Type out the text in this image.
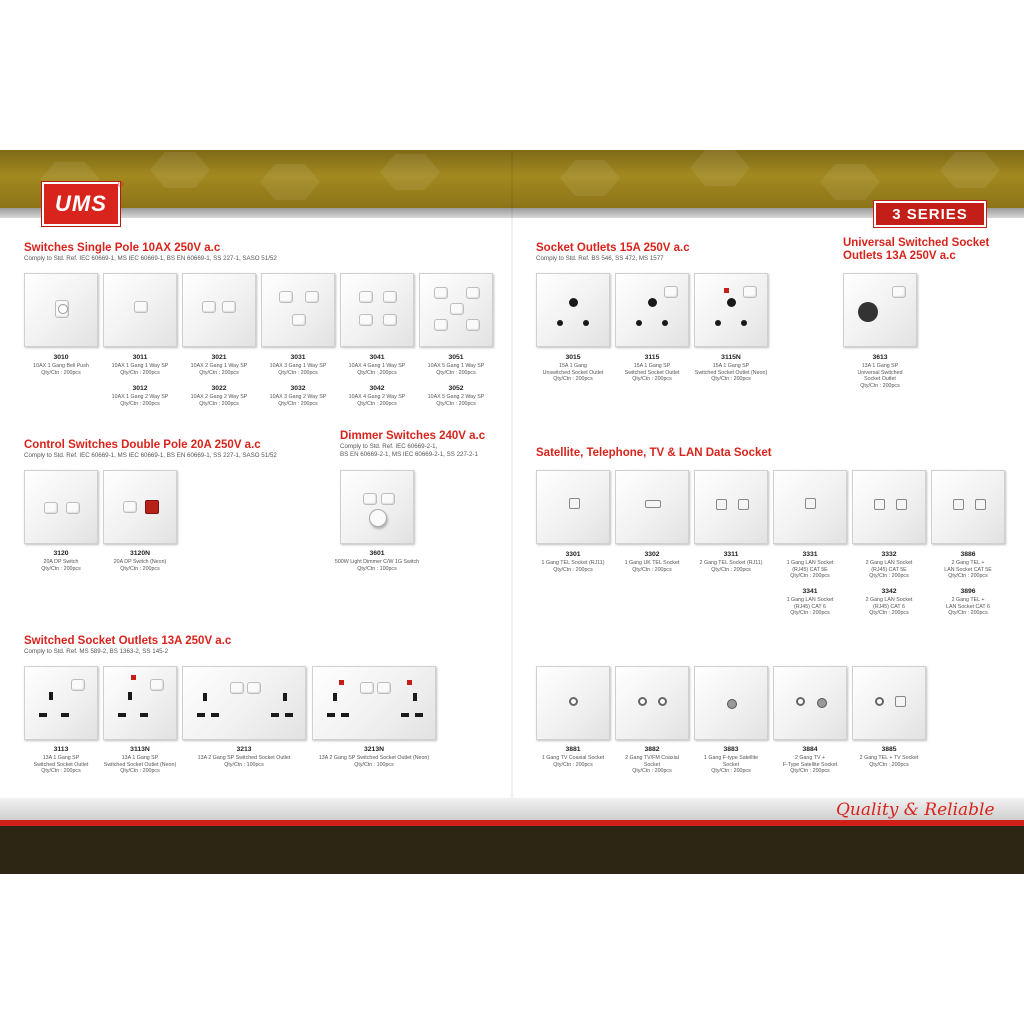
UMS
®
3 SERIES
Quality & Reliable
Switches Single Pole 10AX 250V a.c
Comply to Std. Ref. IEC 60669-1, MS IEC 60669-1, BS EN 60669-1, SS 227-1, SASO 51/52
3010
10AX 1 Gang Bell Push
Qty/Ctn : 200pcs
3011
10AX 1 Gang 1 Way SP
Qty/Ctn : 200pcs
3012
10AX 1 Gang 2 Way SP
Qty/Ctn : 200pcs
3021
10AX 2 Gang 1 Way SP
Qty/Ctn : 200pcs
3022
10AX 2 Gang 2 Way SP
Qty/Ctn : 200pcs
3031
10AX 3 Gang 1 Way SP
Qty/Ctn : 200pcs
3032
10AX 3 Gang 2 Way SP
Qty/Ctn : 200pcs
3041
10AX 4 Gang 1 Way SP
Qty/Ctn : 200pcs
3042
10AX 4 Gang 2 Way SP
Qty/Ctn : 200pcs
3051
10AX 5 Gang 1 Way SP
Qty/Ctn : 200pcs
3052
10AX 5 Gang 2 Way SP
Qty/Ctn : 200pcs
Control Switches Double Pole 20A 250V a.c
Comply to Std. Ref. IEC 60669-1, MS IEC 60669-1, BS EN 60669-1, SS 227-1, SASO 51/52
3120
20A DP Switch
Qty/Ctn : 200pcs
3120N
20A DP Switch (Neon)
Qty/Ctn : 200pcs
Dimmer Switches 240V a.c
Comply to Std. Ref. IEC 60669-2-1,
BS EN 60669-2-1, MS IEC 60669-2-1, SS 227-2-1
3601
500W Light Dimmer C/W 1G Switch
Qty/Ctn : 100pcs
Switched Socket Outlets 13A 250V a.c
Comply to Std. Ref. MS 589-2, BS 1363-2, SS 145-2
3113
13A 1 Gang SP
Switched Socket Outlet
Qty/Ctn : 200pcs
3113N
13A 1 Gang SP
Switched Socket Outlet (Neon)
Qty/Ctn : 200pcs
3213
13A 2 Gang SP Switched Socket Outlet
Qty/Ctn : 100pcs
3213N
13A 2 Gang SP Switched Socket Outlet (Neon)
Qty/Ctn : 100pcs
Socket Outlets 15A 250V a.c
Comply to Std. Ref. BS 546, SS 472, MS 1577
3015
15A 1 Gang
Unswitched Socket Outlet
Qty/Ctn : 200pcs
3115
15A 1 Gang SP
Switched Socket Outlet
Qty/Ctn : 200pcs
3115N
15A 1 Gang SP
Switched Socket Outlet (Neon)
Qty/Ctn : 200pcs
Universal Switched Socket
Outlets 13A 250V a.c
3613
13A 1 Gang SP
Universal Switched
Socket Outlet
Qty/Ctn : 200pcs
Satellite, Telephone, TV & LAN Data Socket
3301
1 Gang TEL Socket (RJ11)
Qty/Ctn : 200pcs
3302
1 Gang UK TEL Socket
Qty/Ctn : 200pcs
3311
2 Gang TEL Socket (RJ11)
Qty/Ctn : 200pcs
3331
1 Gang LAN Socket
(RJ45) CAT 5E
Qty/Ctn : 200pcs
3341
1 Gang LAN Socket
(RJ45) CAT 6
Qty/Ctn : 200pcs
3332
2 Gang LAN Socket
(RJ45) CAT 5E
Qty/Ctn : 200pcs
3342
2 Gang LAN Socket
(RJ45) CAT 6
Qty/Ctn : 200pcs
3886
2 Gang TEL +
LAN Socket CAT 5E
Qty/Ctn : 200pcs
3896
2 Gang TEL +
LAN Socket CAT 6
Qty/Ctn : 200pcs
3881
1 Gang TV Coaxial Socket
Qty/Ctn : 200pcs
3882
2 Gang TV/FM Coaxial
Socket
Qty/Ctn : 200pcs
3883
1 Gang F-type Satellite
Socket
Qty/Ctn : 200pcs
3884
2 Gang TV +
F-Type Satellite Socket
Qty/Ctn : 200pcs
3885
2 Gang TEL + TV Socket
Qty/Ctn : 200pcs
